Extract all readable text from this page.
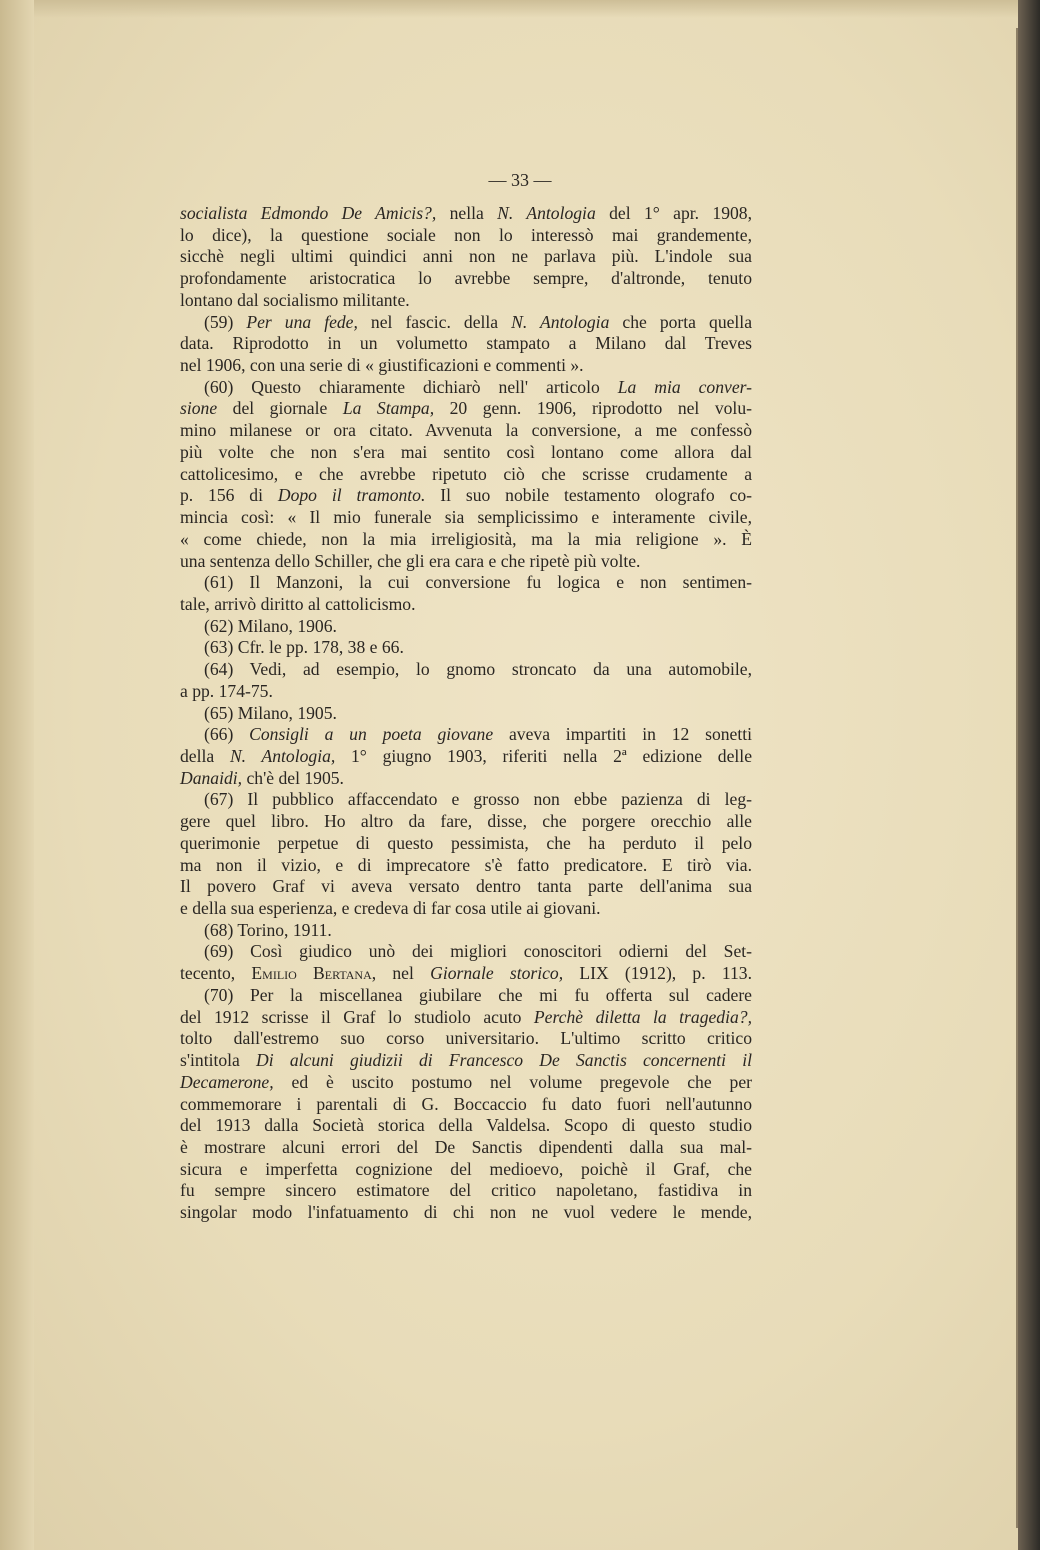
— 33 —
socialista Edmondo De Amicis?, nella N. Antologia del 1° apr. 1908,
lo dice), la questione sociale non lo interessò mai grandemente,
sicchè negli ultimi quindici anni non ne parlava più. L'indole sua
profondamente aristocratica lo avrebbe sempre, d'altronde, tenuto
lontano dal socialismo militante.
(59) Per una fede, nel fascic. della N. Antologia che porta quella
data. Riprodotto in un volumetto stampato a Milano dal Treves
nel 1906, con una serie di « giustificazioni e commenti ».
(60) Questo chiaramente dichiarò nell' articolo La mia conver-
sione del giornale La Stampa, 20 genn. 1906, riprodotto nel volu-
mino milanese or ora citato. Avvenuta la conversione, a me confessò
più volte che non s'era mai sentito così lontano come allora dal
cattolicesimo, e che avrebbe ripetuto ciò che scrisse crudamente a
p. 156 di Dopo il tramonto. Il suo nobile testamento olografo co-
mincia così: « Il mio funerale sia semplicissimo e interamente civile,
« come chiede, non la mia irreligiosità, ma la mia religione ». È
una sentenza dello Schiller, che gli era cara e che ripetè più volte.
(61) Il Manzoni, la cui conversione fu logica e non sentimen-
tale, arrivò diritto al cattolicismo.
(62) Milano, 1906.
(63) Cfr. le pp. 178, 38 e 66.
(64) Vedi, ad esempio, lo gnomo stroncato da una automobile,
a pp. 174-75.
(65) Milano, 1905.
(66) Consigli a un poeta giovane aveva impartiti in 12 sonetti
della N. Antologia, 1° giugno 1903, riferiti nella 2ª edizione delle
Danaidi, ch'è del 1905.
(67) Il pubblico affaccendato e grosso non ebbe pazienza di leg-
gere quel libro. Ho altro da fare, disse, che porgere orecchio alle
querimonie perpetue di questo pessimista, che ha perduto il pelo
ma non il vizio, e di imprecatore s'è fatto predicatore. E tirò via.
Il povero Graf vi aveva versato dentro tanta parte dell'anima sua
e della sua esperienza, e credeva di far cosa utile ai giovani.
(68) Torino, 1911.
(69) Così giudico unò dei migliori conoscitori odierni del Set-
tecento, Emilio Bertana, nel Giornale storico, LIX (1912), p. 113.
(70) Per la miscellanea giubilare che mi fu offerta sul cadere
del 1912 scrisse il Graf lo studiolo acuto Perchè diletta la tragedia?,
tolto dall'estremo suo corso universitario. L'ultimo scritto critico
s'intitola Di alcuni giudizii di Francesco De Sanctis concernenti il
Decamerone, ed è uscito postumo nel volume pregevole che per
commemorare i parentali di G. Boccaccio fu dato fuori nell'autunno
del 1913 dalla Società storica della Valdelsa. Scopo di questo studio
è mostrare alcuni errori del De Sanctis dipendenti dalla sua mal-
sicura e imperfetta cognizione del medioevo, poichè il Graf, che
fu sempre sincero estimatore del critico napoletano, fastidiva in
singolar modo l'infatuamento di chi non ne vuol vedere le mende,
